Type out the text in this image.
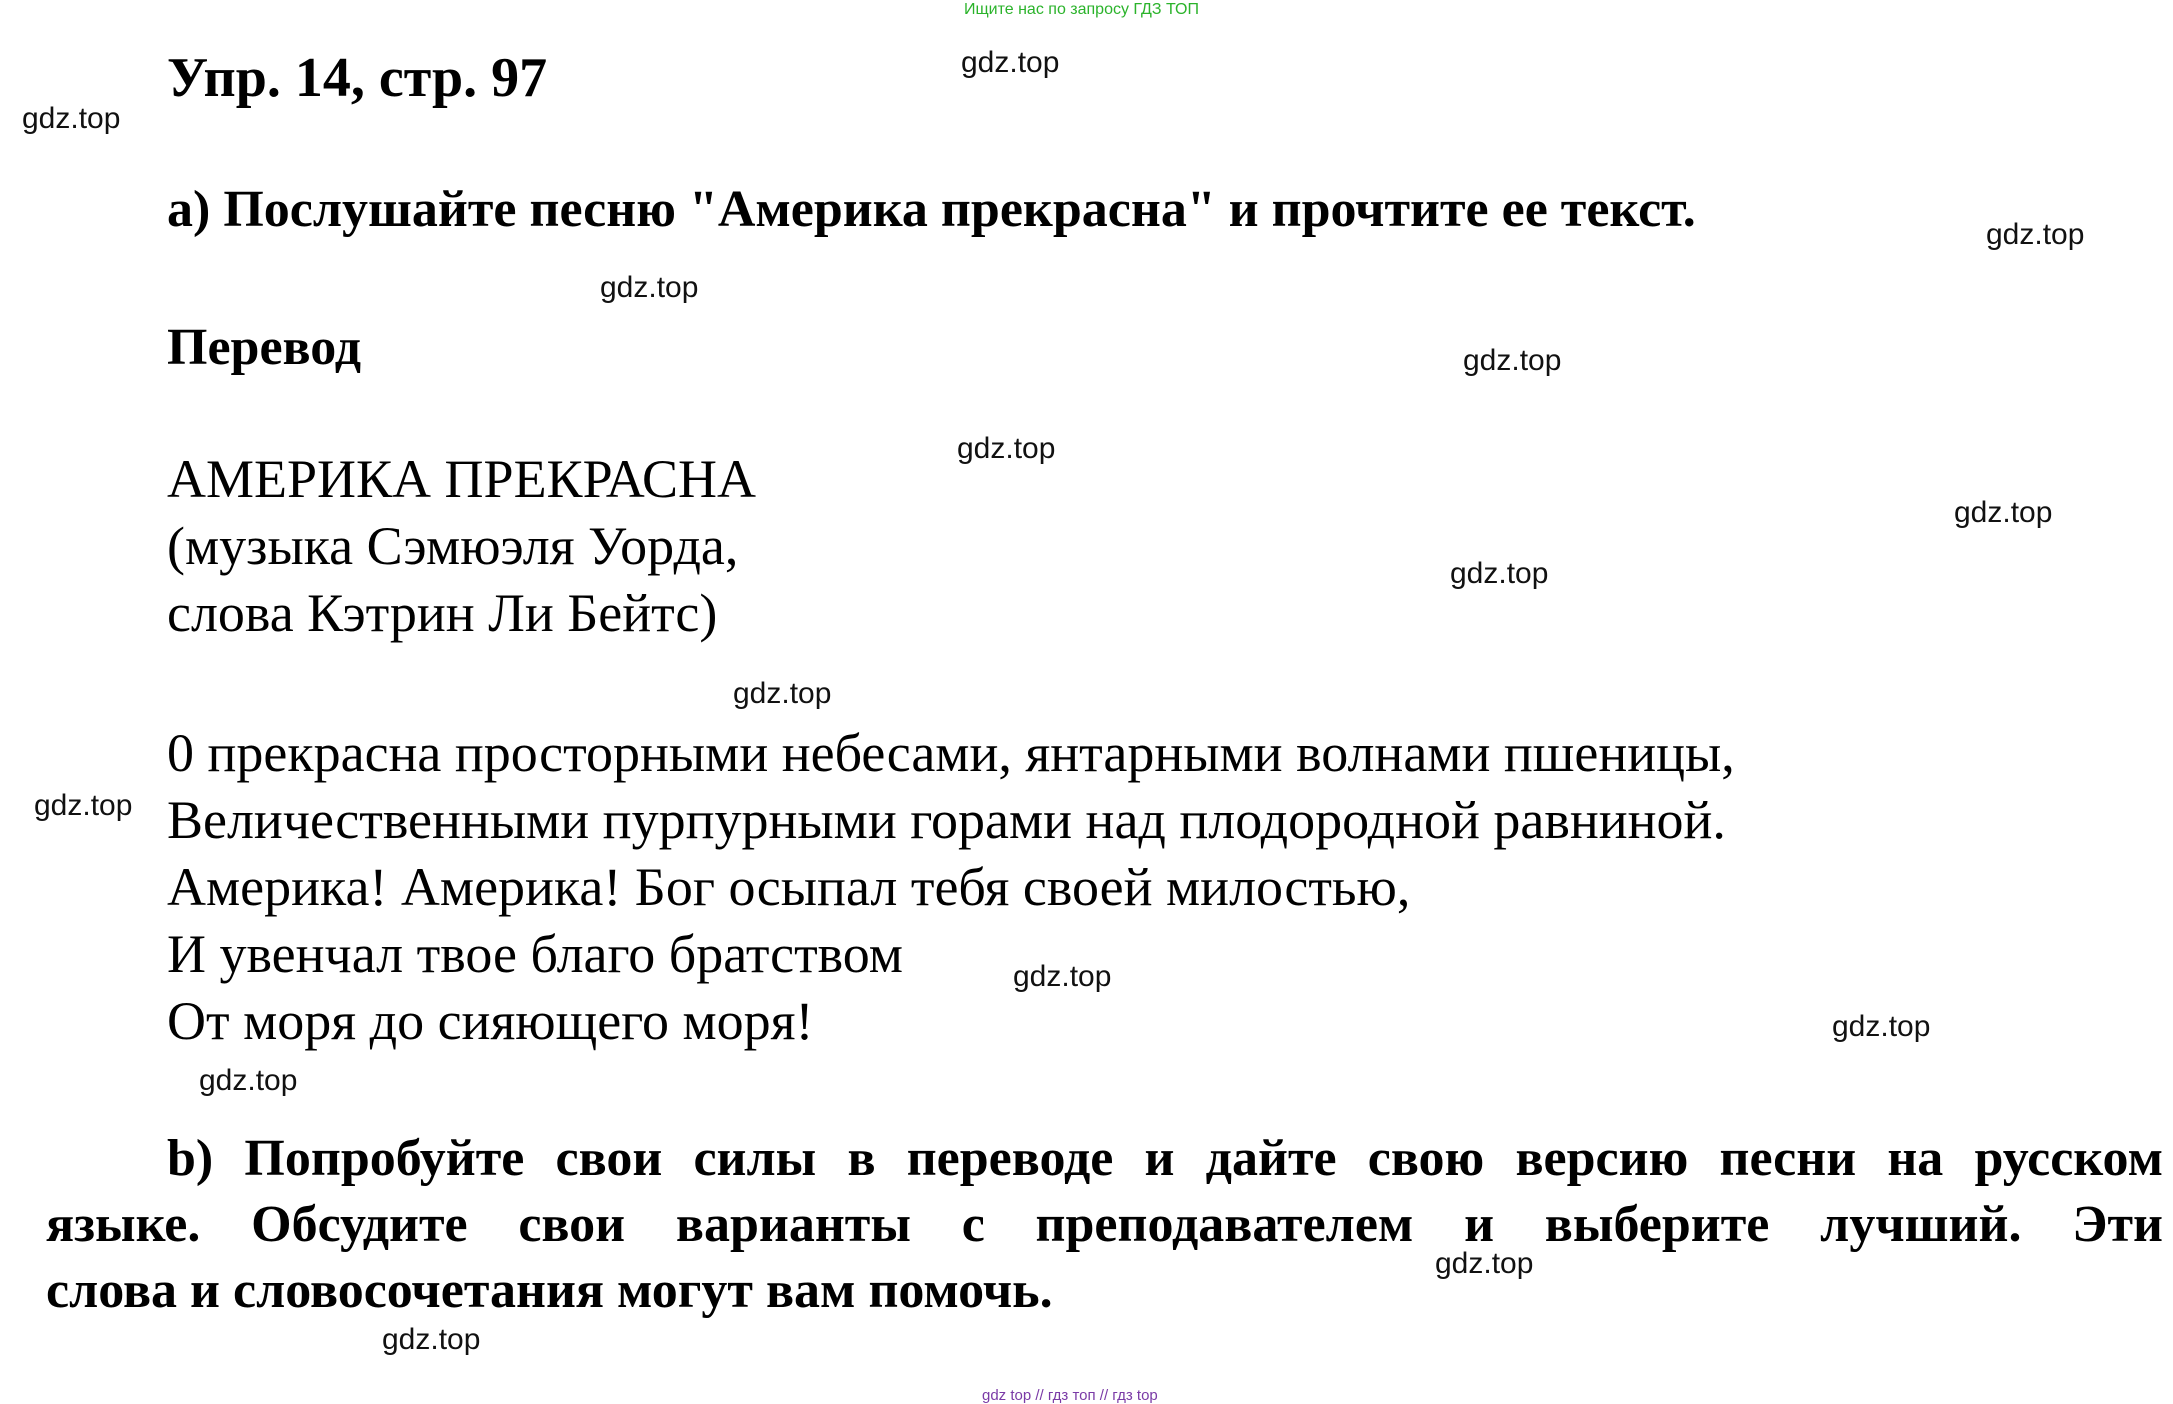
Ищите нас по запросу ГДЗ ТОП
Упр. 14, стр. 97
а) Послушайте песню "Америка прекрасна" и прочтите ее текст.
Перевод
АМЕРИКА ПРЕКРАСНА
(музыка Сэмюэля Уорда,
слова Кэтрин Ли Бейтс)
0 прекрасна просторными небесами, янтарными волнами пшеницы,
Величественными пурпурными горами над плодородной равниной.
Америка! Америка! Бог осыпал тебя своей милостью,
И увенчал твое благо братством
От моря до сияющего моря!
b) Попробуйте свои силы в переводе и дайте свою версию песни на русском
языке. Обсудите свои варианты с преподавателем и выберите лучший. Эти
слова и словосочетания могут вам помочь.
gdz.top
gdz.top
gdz.top
gdz.top
gdz.top
gdz.top
gdz.top
gdz.top
gdz.top
gdz.top
gdz.top
gdz.top
gdz.top
gdz.top
gdz.top
gdz top // гдз топ // гдз top
